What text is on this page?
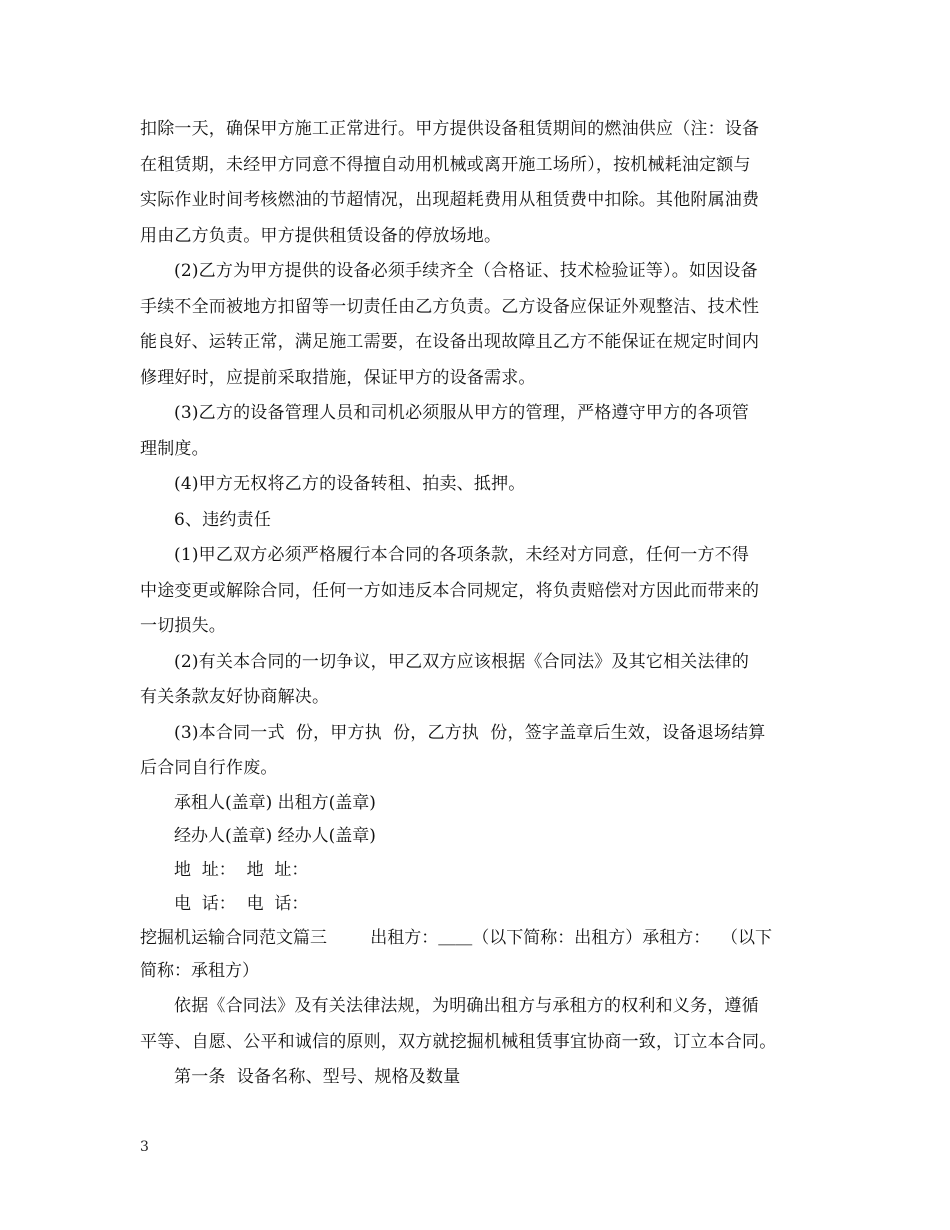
扣除一天，确保甲方施工正常进行。甲方提供设备租赁期间的燃油供应（注：设备
在租赁期，未经甲方同意不得擅自动用机械或离开施工场所），按机械耗油定额与
实际作业时间考核燃油的节超情况，出现超耗费用从租赁费中扣除。其他附属油费
用由乙方负责。甲方提供租赁设备的停放场地。

(2)乙方为甲方提供的设备必须手续齐全（合格证、技术检验证等）。如因设备
手续不全而被地方扣留等一切责任由乙方负责。乙方设备应保证外观整洁、技术性
能良好、运转正常，满足施工需要，在设备出现故障且乙方不能保证在规定时间内
修理好时，应提前采取措施，保证甲方的设备需求。

(3)乙方的设备管理人员和司机必须服从甲方的管理，严格遵守甲方的各项管
理制度。

(4)甲方无权将乙方的设备转租、拍卖、抵押。

6、违约责任

(1)甲乙双方必须严格履行本合同的各项条款，未经对方同意，任何一方不得
中途变更或解除合同，任何一方如违反本合同规定，将负责赔偿对方因此而带来的
一切损失。

(2)有关本合同的一切争议，甲乙双方应该根据《合同法》及其它相关法律的
有关条款友好协商解决。

(3)本合同一式  份，甲方执  份，乙方执  份，签字盖章后生效，设备退场结算
后合同自行作废。

承租人(盖章) 出租方(盖章)

经办人(盖章) 经办人(盖章)

地  址：  地  址：

电  话：  电  话：

挖掘机运输合同范文篇三        出租方：＿＿（以下简称：出租方）承租方：  （以下

简称：承租方）

依据《合同法》及有关法律法规，为明确出租方与承租方的权利和义务，遵循
平等、自愿、公平和诚信的原则，双方就挖掘机械租赁事宜协商一致，订立本合同。

第一条  设备名称、型号、规格及数量

3
